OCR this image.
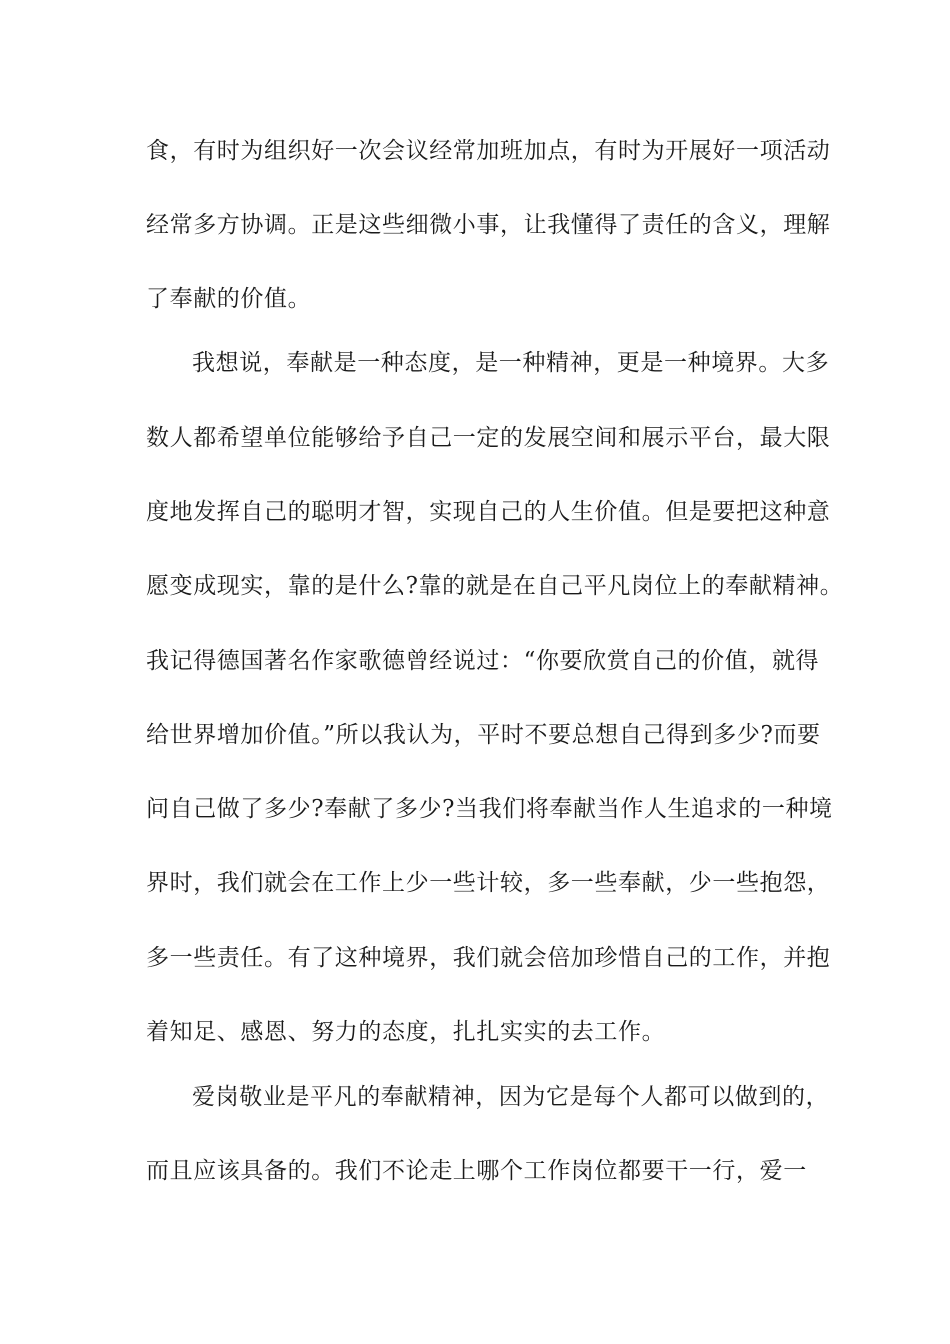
食，有时为组织好一次会议经常加班加点，有时为开展好一项活动
经常多方协调。正是这些细微小事，让我懂得了责任的含义，理解
了奉献的价值。
我想说，奉献是一种态度，是一种精神，更是一种境界。大多
数人都希望单位能够给予自己一定的发展空间和展示平台，最大限
度地发挥自己的聪明才智，实现自己的人生价值。但是要把这种意
愿变成现实，靠的是什么?靠的就是在自己平凡岗位上的奉献精神。
我记得德国著名作家歌德曾经说过：“你要欣赏自己的价值，就得
给世界增加价值。”所以我认为，平时不要总想自己得到多少?而要
问自己做了多少?奉献了多少?当我们将奉献当作人生追求的一种境
界时，我们就会在工作上少一些计较，多一些奉献，少一些抱怨，
多一些责任。有了这种境界，我们就会倍加珍惜自己的工作，并抱
着知足、感恩、努力的态度，扎扎实实的去工作。
爱岗敬业是平凡的奉献精神，因为它是每个人都可以做到的，
而且应该具备的。我们不论走上哪个工作岗位都要干一行，爱一
